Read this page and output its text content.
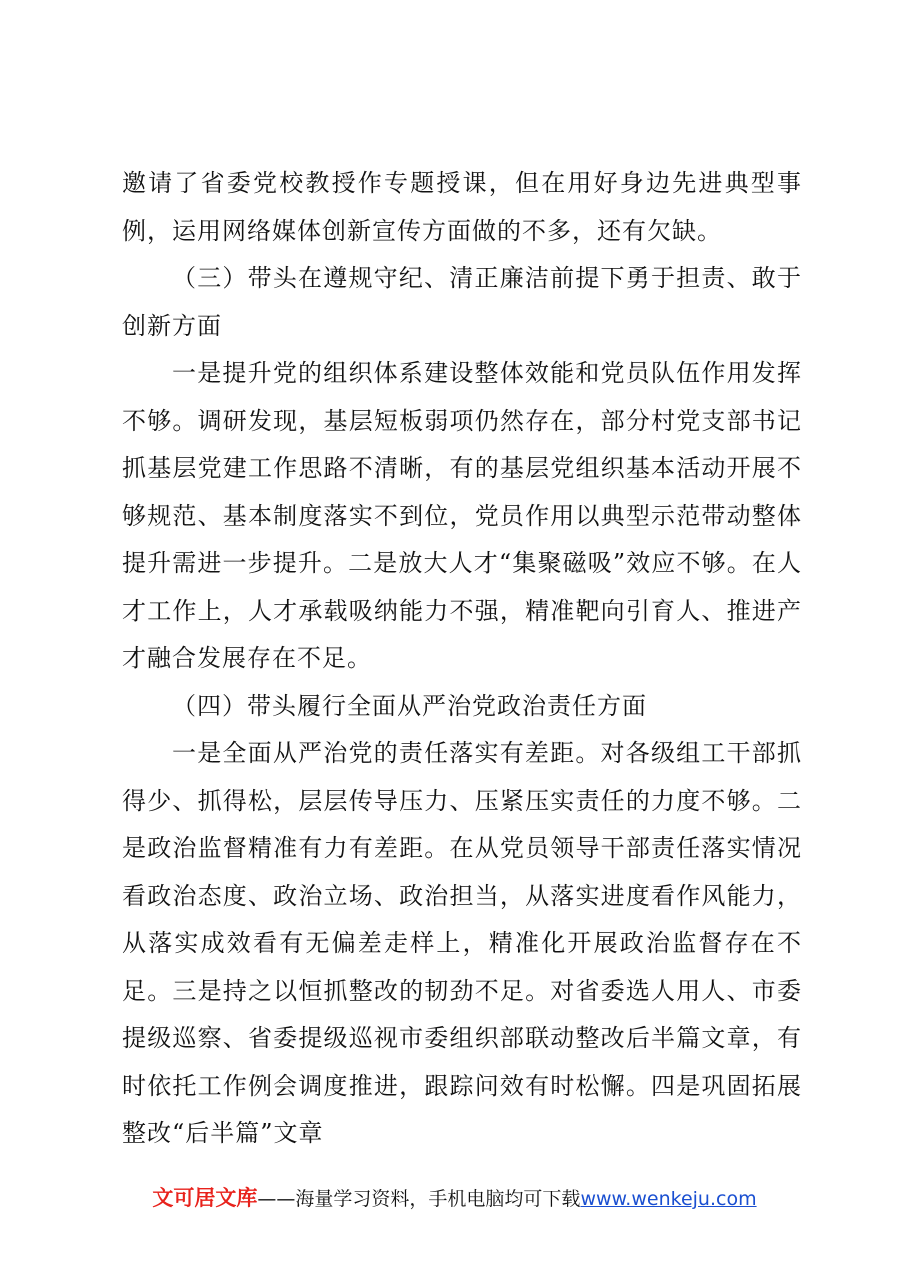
邀请了省委党校教授作专题授课，但在用好身边先进典型事例，运用网络媒体创新宣传方面做的不多，还有欠缺。

（三）带头在遵规守纪、清正廉洁前提下勇于担责、敢于创新方面

一是提升党的组织体系建设整体效能和党员队伍作用发挥不够。调研发现，基层短板弱项仍然存在，部分村党支部书记抓基层党建工作思路不清晰，有的基层党组织基本活动开展不够规范、基本制度落实不到位，党员作用以典型示范带动整体提升需进一步提升。二是放大人才“集聚磁吸”效应不够。在人才工作上，人才承载吸纳能力不强，精准靶向引育人、推进产才融合发展存在不足。

（四）带头履行全面从严治党政治责任方面

一是全面从严治党的责任落实有差距。对各级组工干部抓得少、抓得松，层层传导压力、压紧压实责任的力度不够。二是政治监督精准有力有差距。在从党员领导干部责任落实情况看政治态度、政治立场、政治担当，从落实进度看作风能力，从落实成效看有无偏差走样上，精准化开展政治监督存在不足。三是持之以恒抓整改的韧劲不足。对省委选人用人、市委提级巡察、省委提级巡视市委组织部联动整改后半篇文章，有时依托工作例会调度推进，跟踪问效有时松懈。四是巩固拓展整改“后半篇”文章

文可居文库——海量学习资料，手机电脑均可下载www.wenkeju.com
